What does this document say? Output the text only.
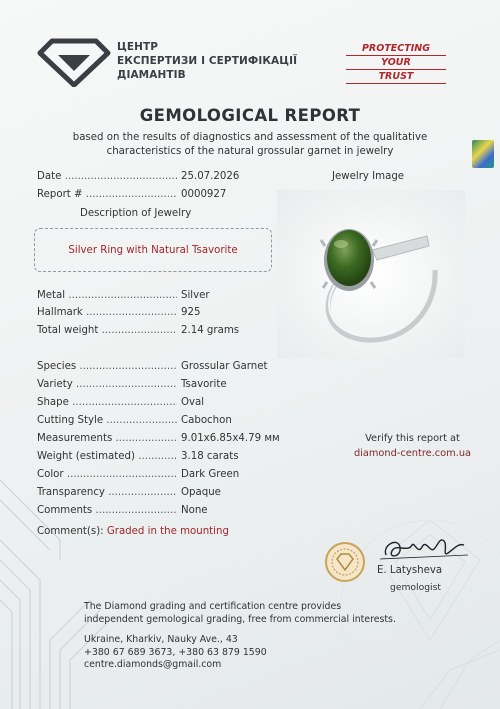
ЦЕНТР
ЕКСПЕРТИЗИ І СЕРТИФІКАЦІЇ
ДІАМАНТІВ
PROTECTING
YOUR
TRUST
GEMOLOGICAL REPORT
based on the results of diagnostics and assessment of the qualitative
characteristics of the natural grossular garnet in jewelry
Date .....	25.07.2026
Report # .....	0000927
Description of Jewelry
Silver Ring with Natural Tsavorite
Jewelry Image
Metal .....	Silver
Hallmark .....	925
Total weight .....	2.14 grams
Species .....	Grossular Garnet
Variety .....	Tsavorite
Shape .....	Oval
Cutting Style .....	Cabochon
Measurements .....	9.01x6.85x4.79 мм
Weight (estimated) .....	3.18 carats
Color .....	Dark Green
Transparency .....	Opaque
Comments .....	None
Verify this report at
diamond-centre.com.ua
Comment(s): Graded in the mounting
E. Latysheva
gemologist
The Diamond grading and certification centre provides
independent gemological grading, free from commercial interests.
Ukraine, Kharkiv, Nauky Ave., 43
+380 67 689 3673, +380 63 879 1590
centre.diamonds@gmail.com
